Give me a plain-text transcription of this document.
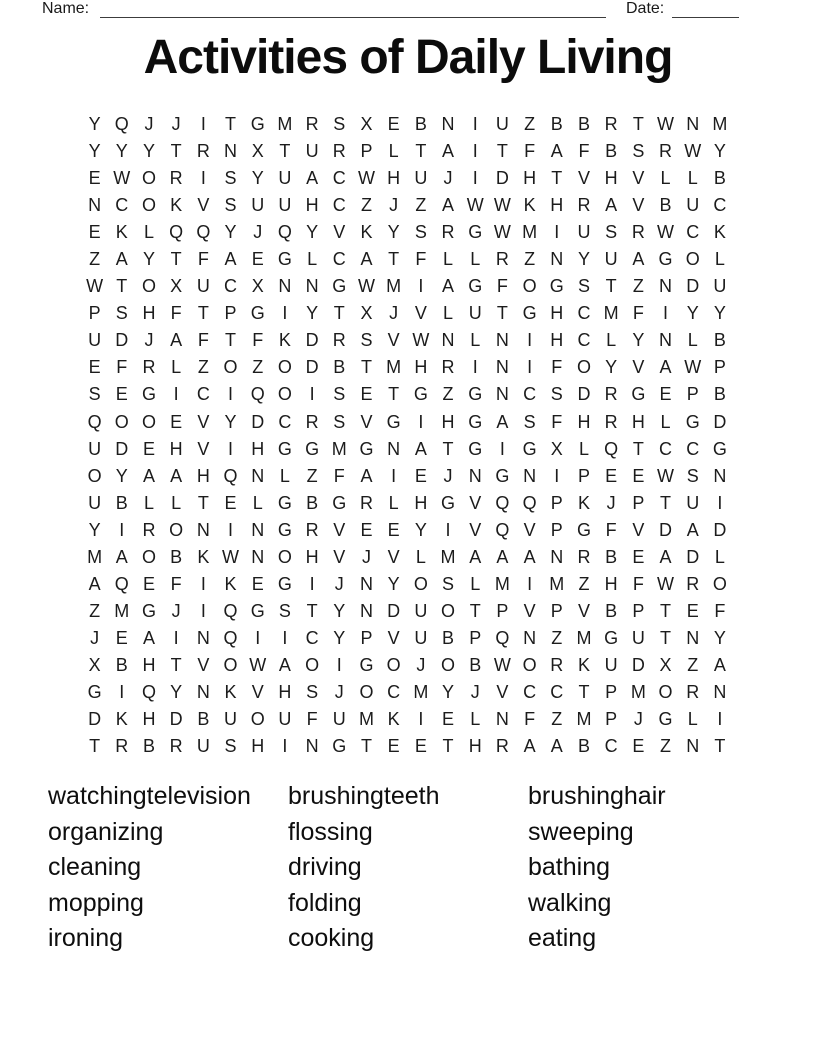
Name:	Date:
Activities of Daily Living
Y Q J	J	I	T G M R S X E B N	I	U Z B B R T W N M
Y Y Y T R N X T U R P L T A	I	T F A F B S R W Y
E W O R	I	S Y U A C W H U J	I	D H T V H V L L B
N C O K V S U U H C Z J Z A W W K H R A V B U C
E K L Q Q Y J Q Y V K Y S R G W M I	U S R W C K
Z A Y T F A E G L C A T F L L R Z N Y U A G O L
W T O X U C X N N G W M I	A G F O G S T Z N D U
P S H F T P G I	Y T X J V L U T G H C M F	I	Y Y
U D J A F T F K D R S V W N L N	I	H C L Y N L B
E F R L Z O Z O D B T M H R	I	N	I	F O Y V A W P
S E G I	C	I Q O I	S E T G Z G N C S D R G E P B
Q O O E V Y D C R S V G I	H G A S F H R H L G D
U D E H V	I	H G G M G N A T G I G X L Q T C C G
O Y A A H Q N L Z F A	I	E J N G N	I	P E E W S N
U B L L T E L G B G R L H G V Q Q P K J P T U	I
Y	I	R O N	I	N G R V E E Y	I	V Q V P G F V D A D
M A O B K W N O H V J V L M A A A N R B E A D L
A Q E F	I	K E G I	J N Y O S L M I M Z H F W R O
Z M G J	I Q G S T Y N D U O T P V P V B P T E F
J E A	I	N Q I	I	C Y P V U B P Q N Z M G U T N Y
X B H T V O W A O I G O J O B W O R K U D X Z A
G I Q Y N K V H S J O C M Y J V C C T P M O R N
D K H D B U O U F U M K	I	E L N F Z M P J G L	I
T R B R U S H	I	N G T E E T H R A A B C E Z N T
watchingtelevision
organizing
cleaning
mopping
ironing
brushingteeth
flossing
driving
folding
cooking
brushinghair
sweeping
bathing
walking
eating
